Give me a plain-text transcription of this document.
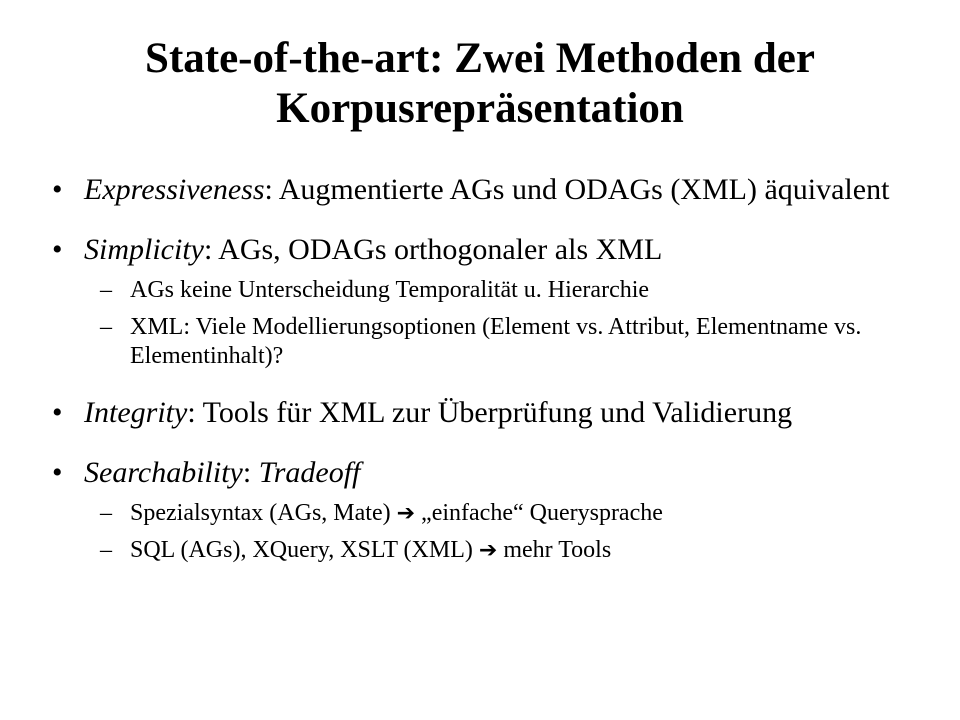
State-of-the-art: Zwei Methoden der
Korpusrepräsentation
• Expressiveness: Augmentierte AGs und ODAGs (XML) äquivalent
• Simplicity: AGs, ODAGs orthogonaler als XML
– AGs keine Unterscheidung Temporalität u. Hierarchie
– XML: Viele Modellierungsoptionen (Element vs. Attribut, Elementname vs. Elementinhalt)?
• Integrity: Tools für XML zur Überprüfung und Validierung
• Searchability: Tradeoff
– Spezialsyntax (AGs, Mate) ➔ „einfache“ Querysprache
– SQL (AGs), XQuery, XSLT (XML) ➔ mehr Tools
